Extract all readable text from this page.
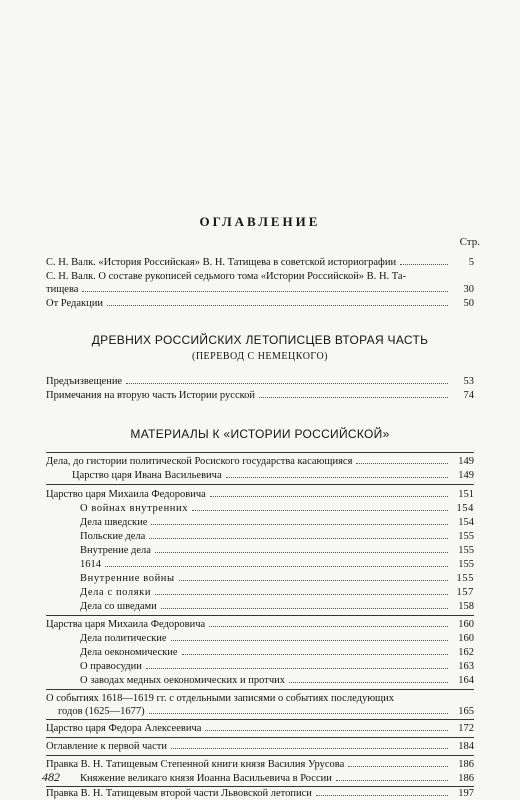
ОГЛАВЛЕНИЕ
Стр.
С. Н. Валк. «История Российская» В. Н. Татищева в советской историографии	5
С. Н. Валк. О составе рукописей седьмого тома «Истории Российской» В. Н. Та-
тищева	30
От Редакции	50
ДРЕВНИХ РОССИЙСКИХ ЛЕТОПИСЦЕВ ВТОРАЯ ЧАСТЬ
(ПЕРЕВОД С НЕМЕЦКОГО)
Предъизвещение	53
Примечания на вторую часть Истории русской	74
МАТЕРИАЛЫ К «ИСТОРИИ РОССИЙСКОЙ»
Дела, до гистории политической Росиского государства касающияся	149
Царство царя Ивана Васильевича	149
Царство царя Михаила Федоровича	151
О войнах внутренних	154
Дела шведские	154
Польские дела	155
Внутрение дела	155
1614	155
Внутренние войны	155
Дела с поляки	157
Дела со шведами	158
Царства царя Михаила Федоровича	160
Дела политические	160
Дела оекономические	162
О правосудии	163
О заводах медных оекономических и протчих	164
О событиях 1618—1619 гг. с отдельными записями о событиях последующих
годов (1625—1677)	165
Царство царя Федора Алексеевича	172
Оглавление к первой части	184
Правка В. Н. Татищевым Степенной книги князя Василия Урусова	186
Княжение великаго князя Иоанна Васильевича в России	186
Правка В. Н. Татищевым второй части Львовской летописи	197
482
